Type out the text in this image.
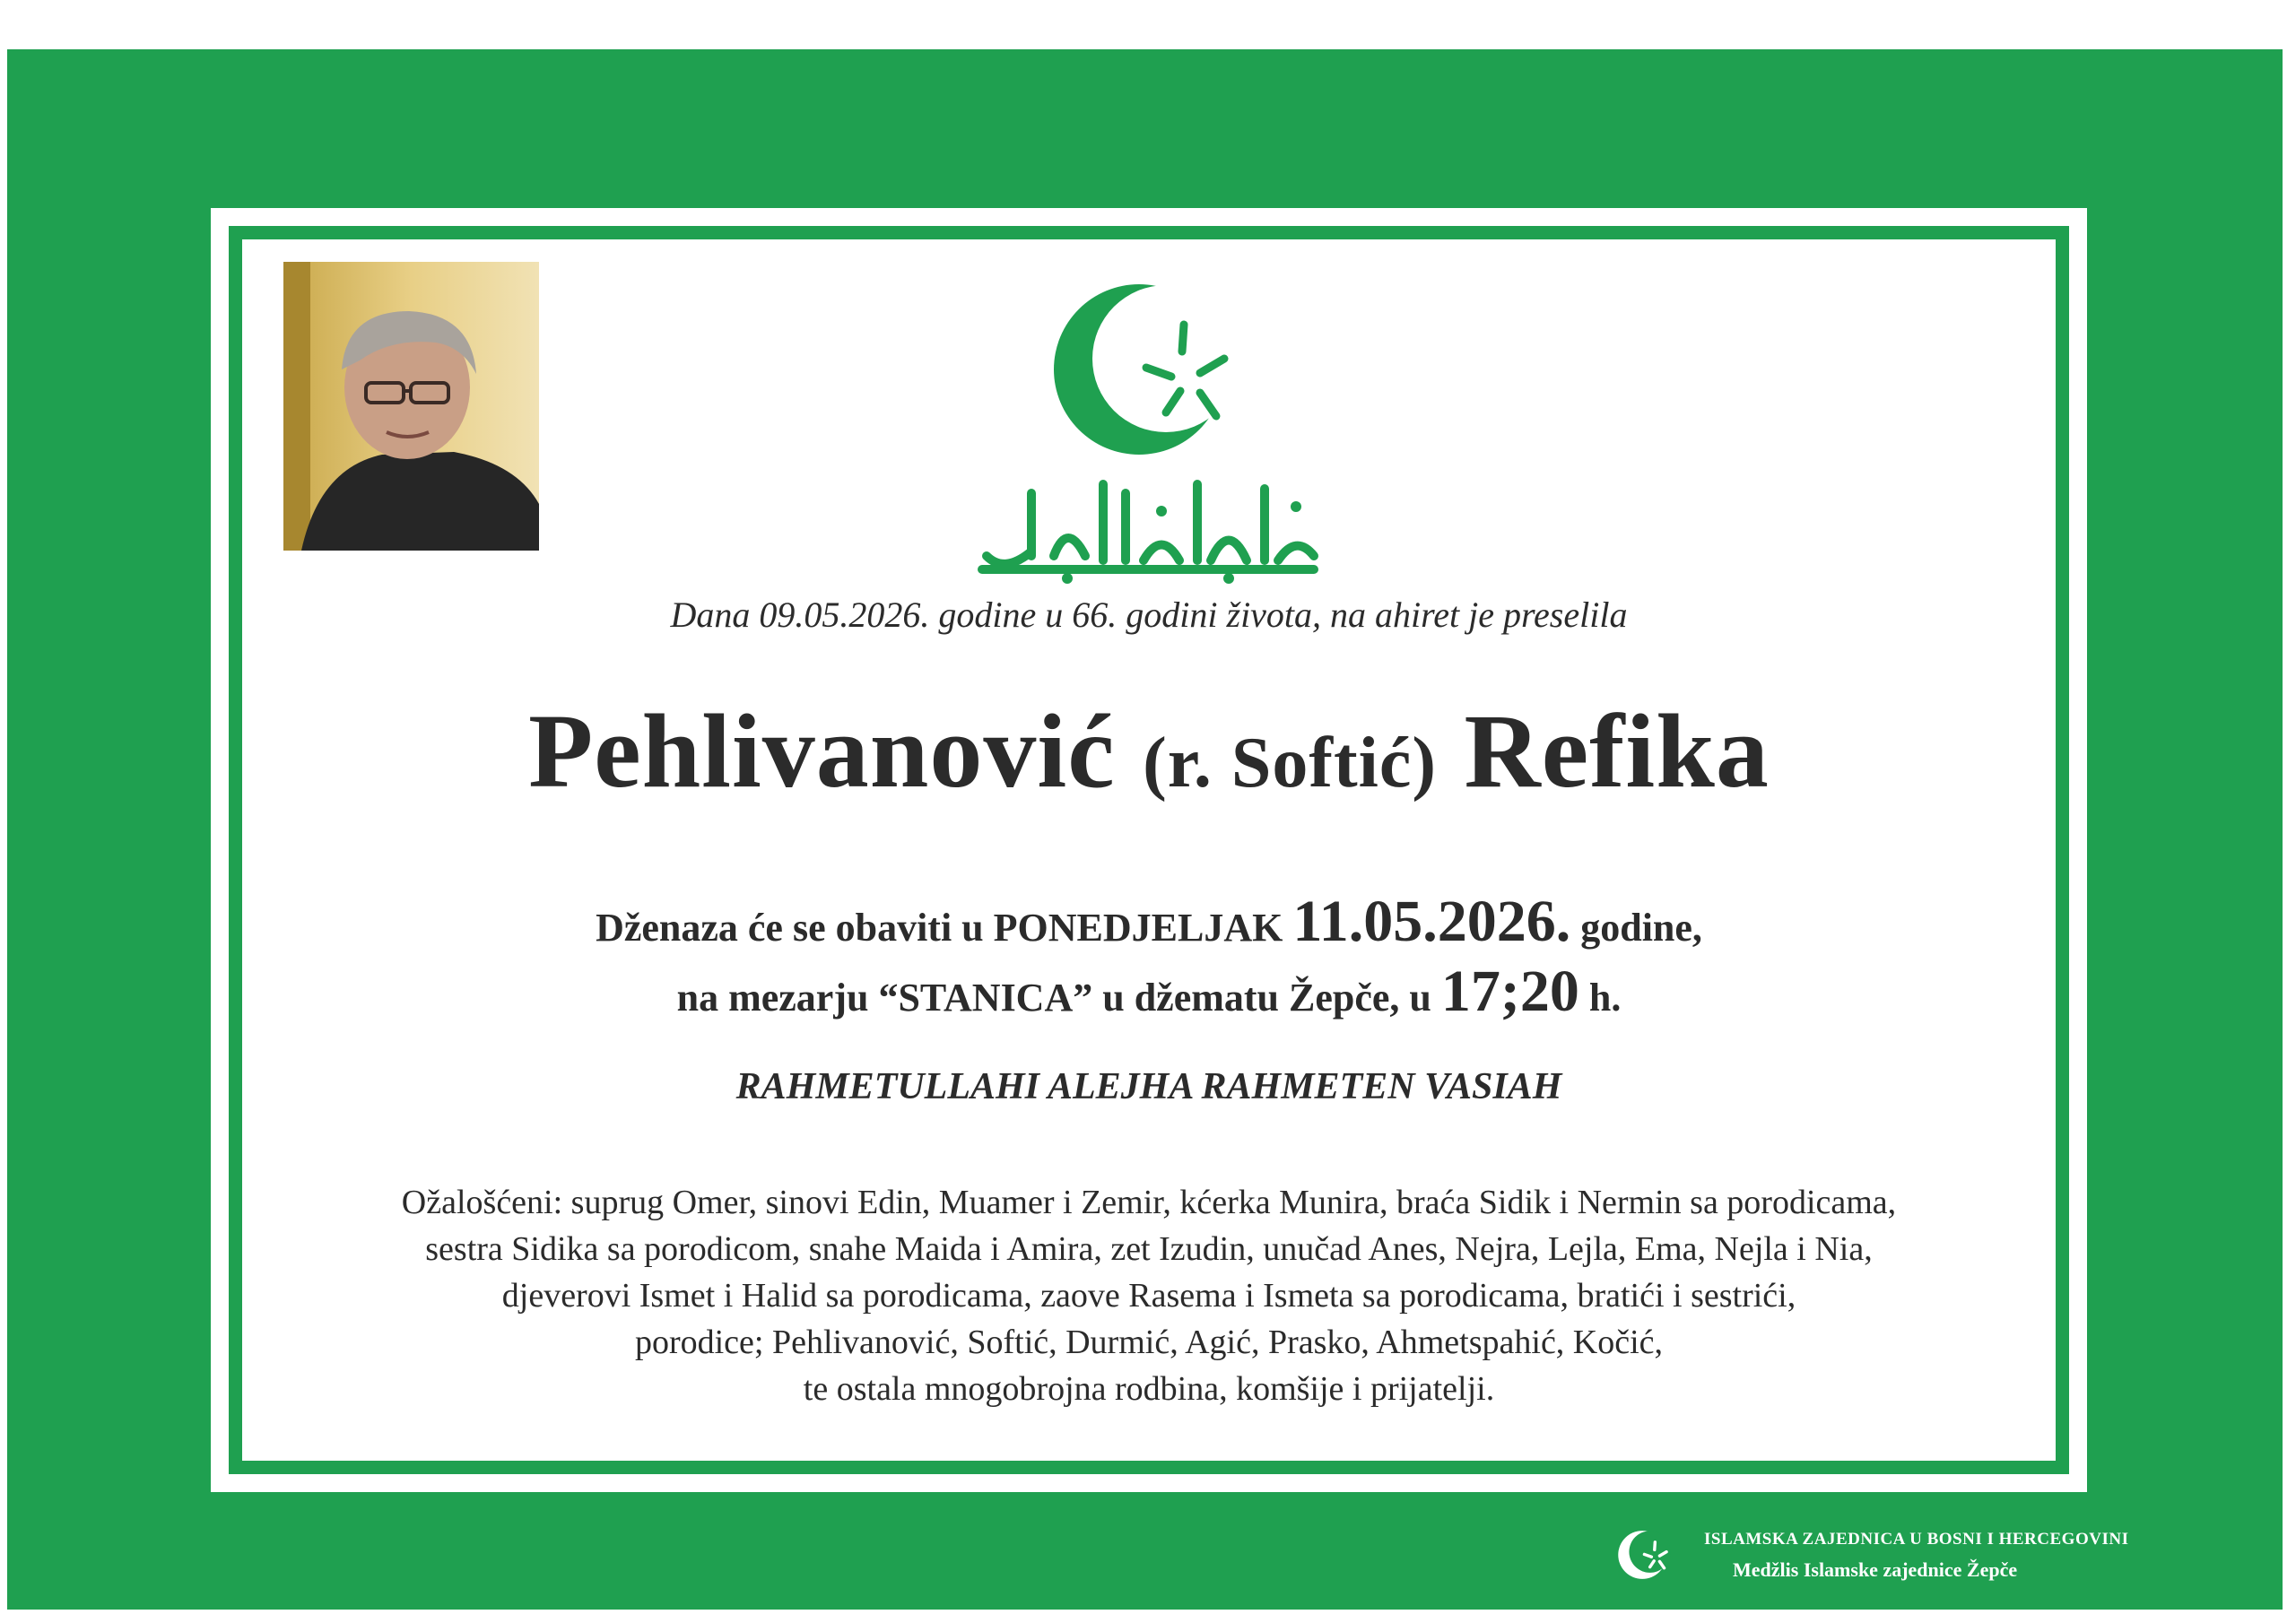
Dana 09.05.2026. godine u 66. godini života, na ahiret je preselila
Pehlivanović (r. Softić) Refika
Dženaza će se obaviti u PONEDJELJAK 11.05.2026. godine,
na mezarju “STANICA” u džematu Žepče, u 17;20 h.
RAHMETULLAHI ALEJHA RAHMETEN VASIAH
Ožalošćeni: suprug Omer, sinovi Edin, Muamer i Zemir, kćerka Munira, braća Sidik i Nermin sa porodicama,
sestra Sidika sa porodicom, snahe Maida i Amira, zet Izudin, unučad Anes, Nejra, Lejla, Ema, Nejla i Nia,
djeverovi Ismet i Halid sa porodicama, zaove Rasema i Ismeta sa porodicama, bratići i sestrići,
porodice; Pehlivanović, Softić, Durmić, Agić, Prasko, Ahmetspahić, Kočić,
te ostala mnogobrojna rodbina, komšije i prijatelji.
ISLAMSKA ZAJEDNICA U BOSNI I HERCEGOVINI
Medžlis Islamske zajednice Žepče
